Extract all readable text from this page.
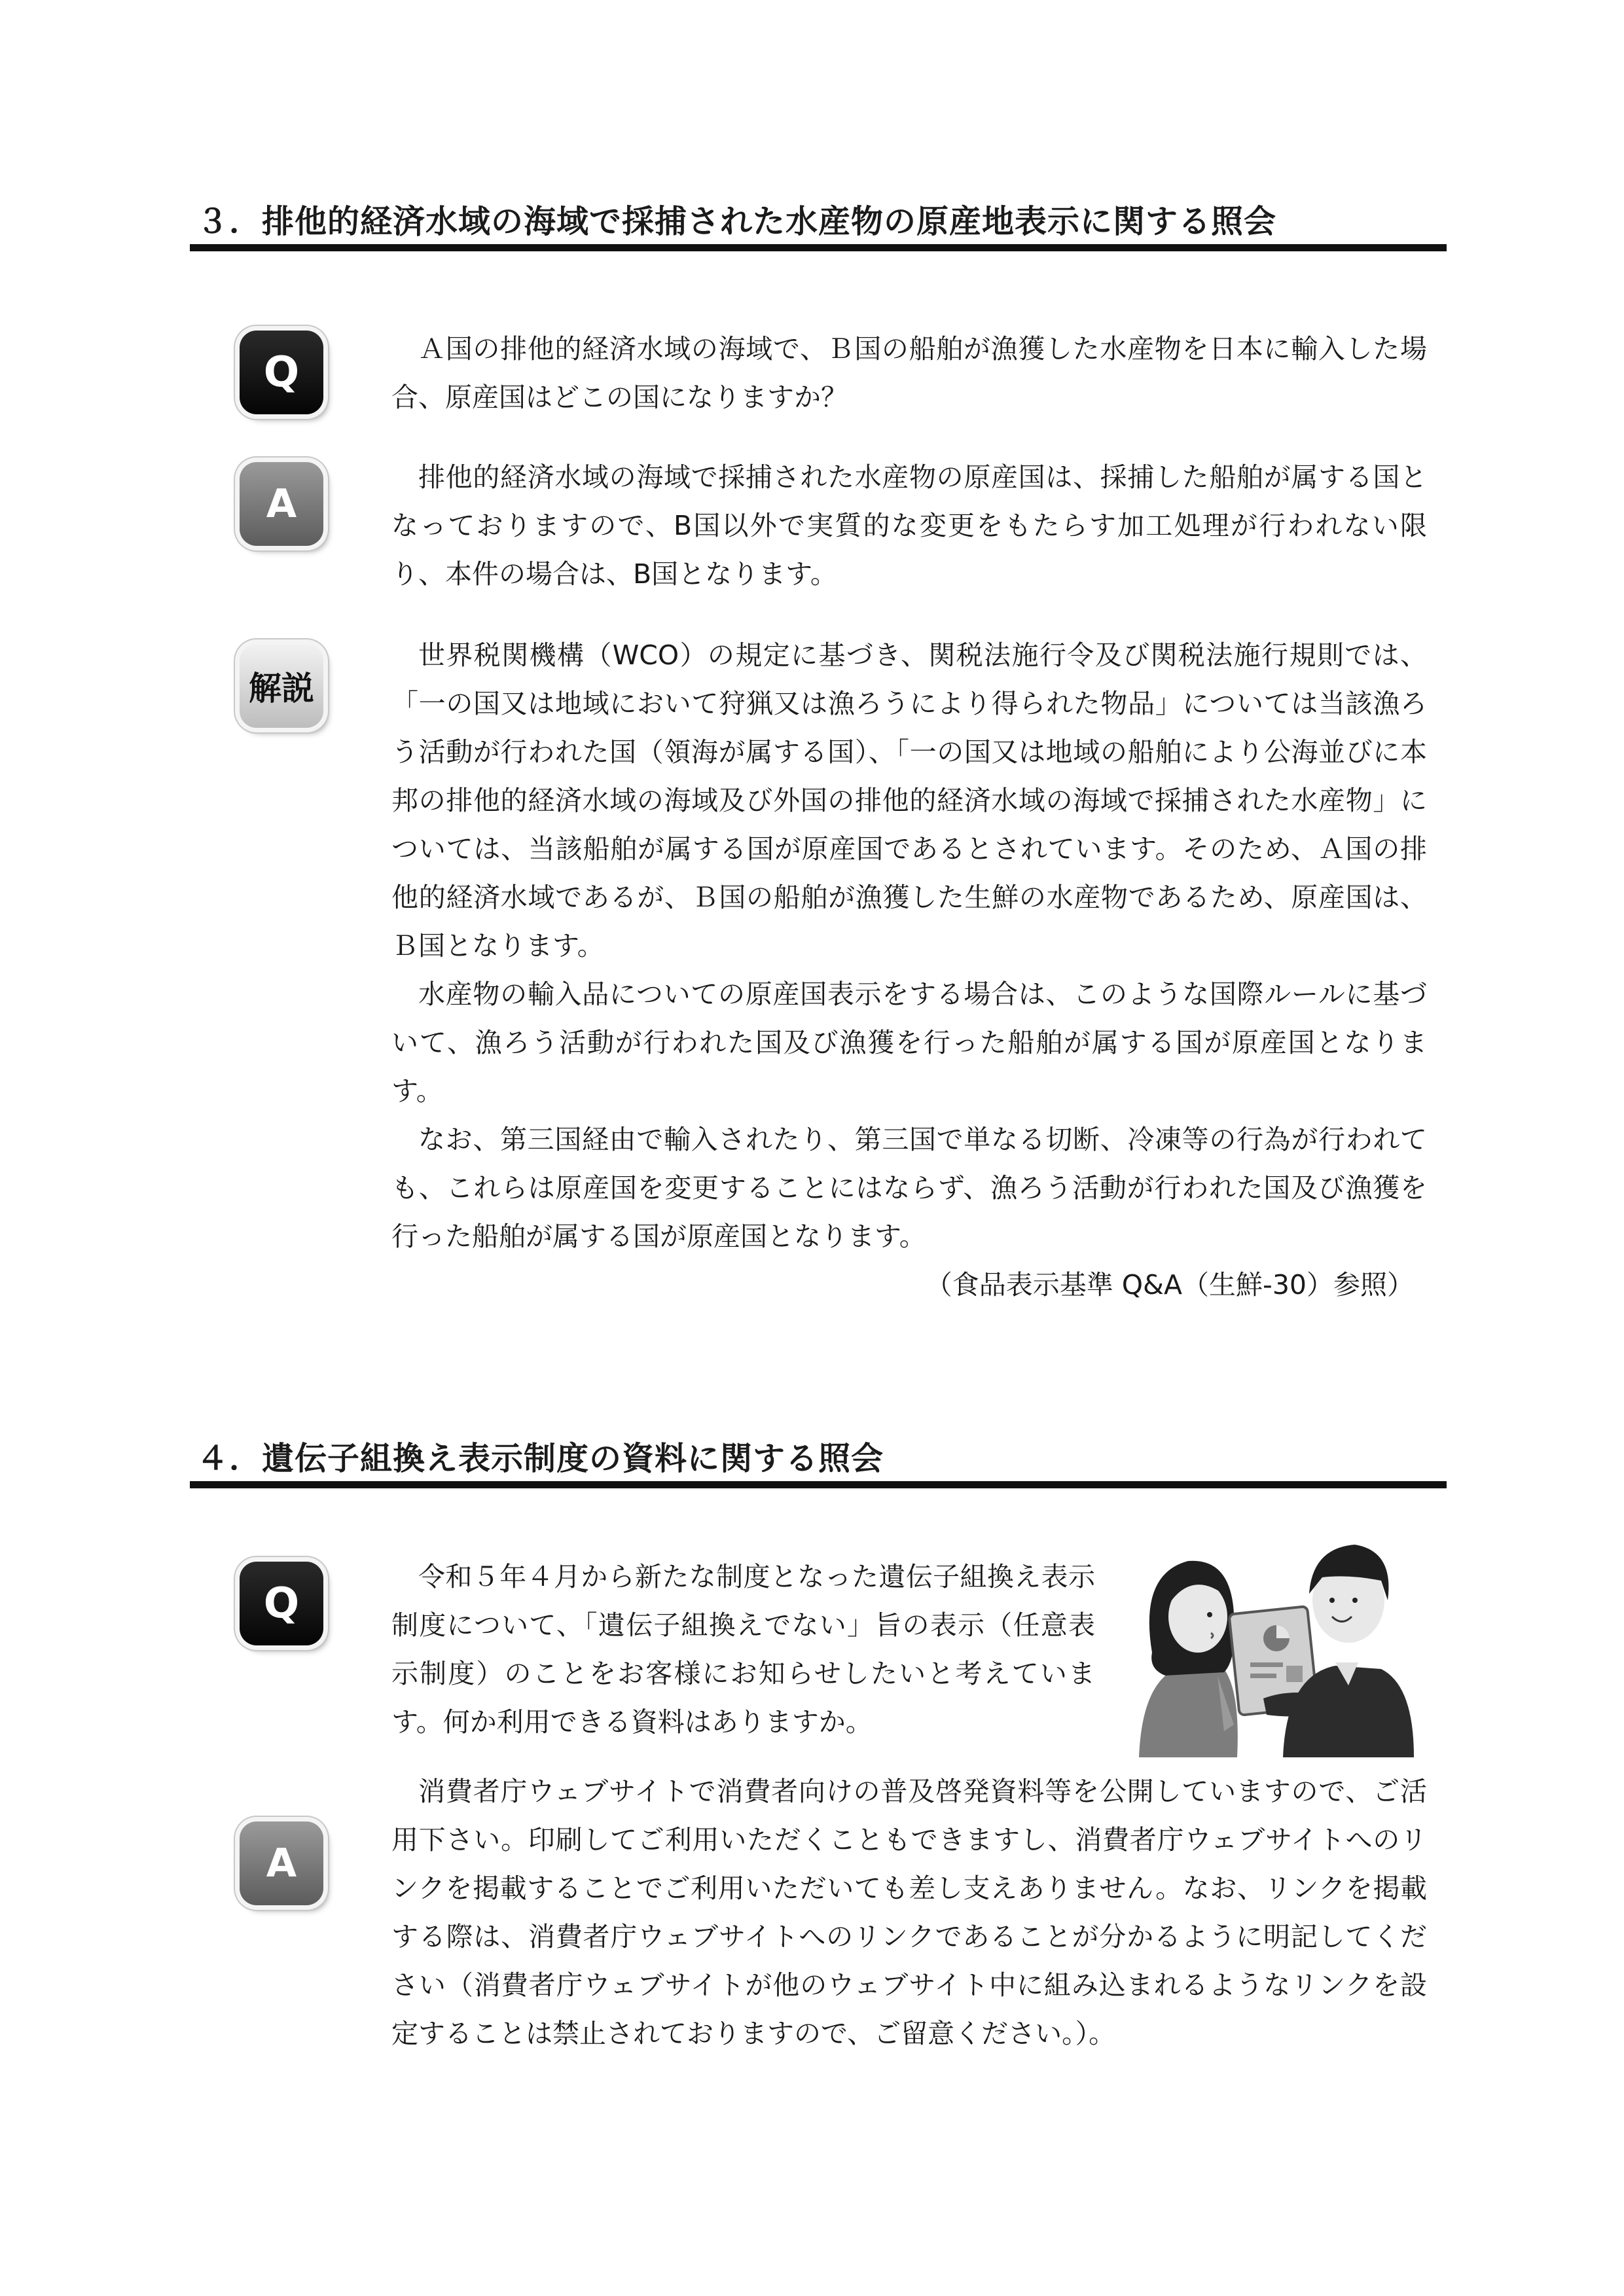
３．排他的経済水域の海域で採捕された水産物の原産地表示に関する照会
Q	Ａ国の排他的経済水域の海域で、Ｂ国の船舶が漁獲した水産物を日本に輸入した場合、原産国はどこの国になりますか？

A

排他的経済水域の海域で採捕された水産物の原産国は、採捕した船舶が属する国となっておりますので、B国以外で実質的な変更をもたらす加工処理が行われない限り、本件の場合は、B国となります。

解説

世界税関機構（WCO）の規定に基づき、関税法施行令及び関税法施行規則では、「一の国又は地域において狩猟又は漁ろうにより得られた物品」については当該漁ろう活動が行われた国（領海が属する国）、「一の国又は地域の船舶により公海並びに本邦の排他的経済水域の海域及び外国の排他的経済水域の海域で採捕された水産物」については、当該船舶が属する国が原産国であるとされています。そのため、Ａ国の排他的経済水域であるが、Ｂ国の船舶が漁獲した生鮮の水産物であるため、原産国は、Ｂ国となります。

水産物の輸入品についての原産国表示をする場合は、このような国際ルールに基づいて、漁ろう活動が行われた国及び漁獲を行った船舶が属する国が原産国となります。

なお、第三国経由で輸入されたり、第三国で単なる切断、冷凍等の行為が行われても、これらは原産国を変更することにはならず、漁ろう活動が行われた国及び漁獲を行った船舶が属する国が原産国となります。

（食品表示基準 Q&A（生鮮-30）参照）
４．遺伝子組換え表示制度の資料に関する照会
Q

令和５年４月から新たな制度となった遺伝子組換え表示制度について、「遺伝子組換えでない」旨の表示（任意表示制度）のことをお客様にお知らせしたいと考えています。何か利用できる資料はありますか。

A

消費者庁ウェブサイトで消費者向けの普及啓発資料等を公開していますので、ご活用下さい。印刷してご利用いただくこともできますし、消費者庁ウェブサイトへのリンクを掲載することでご利用いただいても差し支えありません。なお、リンクを掲載する際は、消費者庁ウェブサイトへのリンクであることが分かるように明記してください（消費者庁ウェブサイトが他のウェブサイト中に組み込まれるようなリンクを設定することは禁止されておりますので、ご留意ください。）。
